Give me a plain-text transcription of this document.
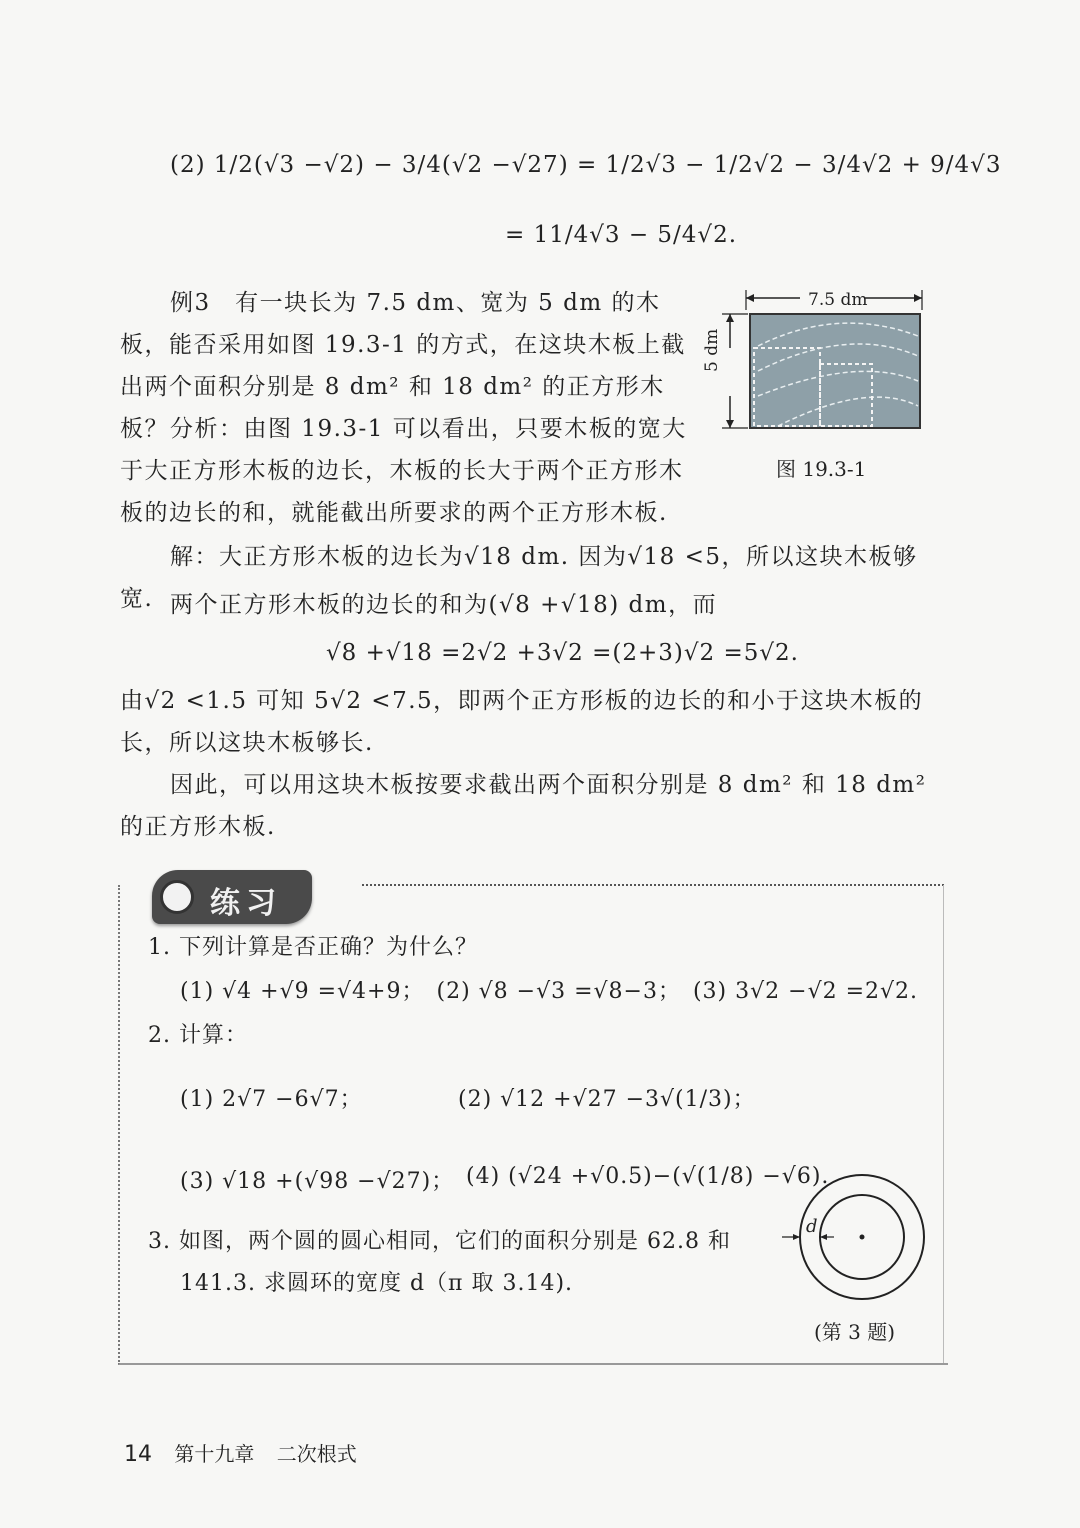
(2) 1/2(√3 −√2) − 3/4(√2 −√27) = 1/2√3 − 1/2√2 − 3/4√2 + 9/4√3
= 11/4√3 − 5/4√2.
例3　有一块长为 7.5 dm、宽为 5 dm 的木板，能否采用如图 19.3-1 的方式，在这块木板上截出两个面积分别是 8 dm² 和 18 dm² 的正方形木板？ 分析：由图 19.3-1 可以看出，只要木板的宽大于大正方形木板的边长，木板的长大于两个正方形木板的边长的和，就能截出所要求的两个正方形木板.
7.5 dm
5 dm
图 19.3-1
解：大正方形木板的边长为√18 dm. 因为√18 <5，所以这块木板够宽. 两个正方形木板的边长的和为(√8 +√18) dm，而
√8 +√18 =2√2 +3√2 =(2+3)√2 =5√2.
由√2 <1.5 可知 5√2 <7.5，即两个正方形板的边长的和小于这块木板的长，所以这块木板够长.
因此，可以用这块木板按要求截出两个面积分别是 8 dm² 和 18 dm² 的正方形木板.
练习
1. 下列计算是否正确？为什么？
(1) √4 +√9 =√4+9；　(2) √8 −√3 =√8−3；　(3) 3√2 −√2 =2√2.
2. 计算：
(1) 2√7 −6√7；	(2) √12 +√27 −3√(1/3)；
(3) √18 +(√98 −√27)； (4) (√24 +√0.5)−(√(1/8) −√6).
3. 如图，两个圆的圆心相同，它们的面积分别是 62.8 和
141.3. 求圆环的宽度 d（π 取 3.14).
d
(第 3 题)
14 第十九章 二次根式
